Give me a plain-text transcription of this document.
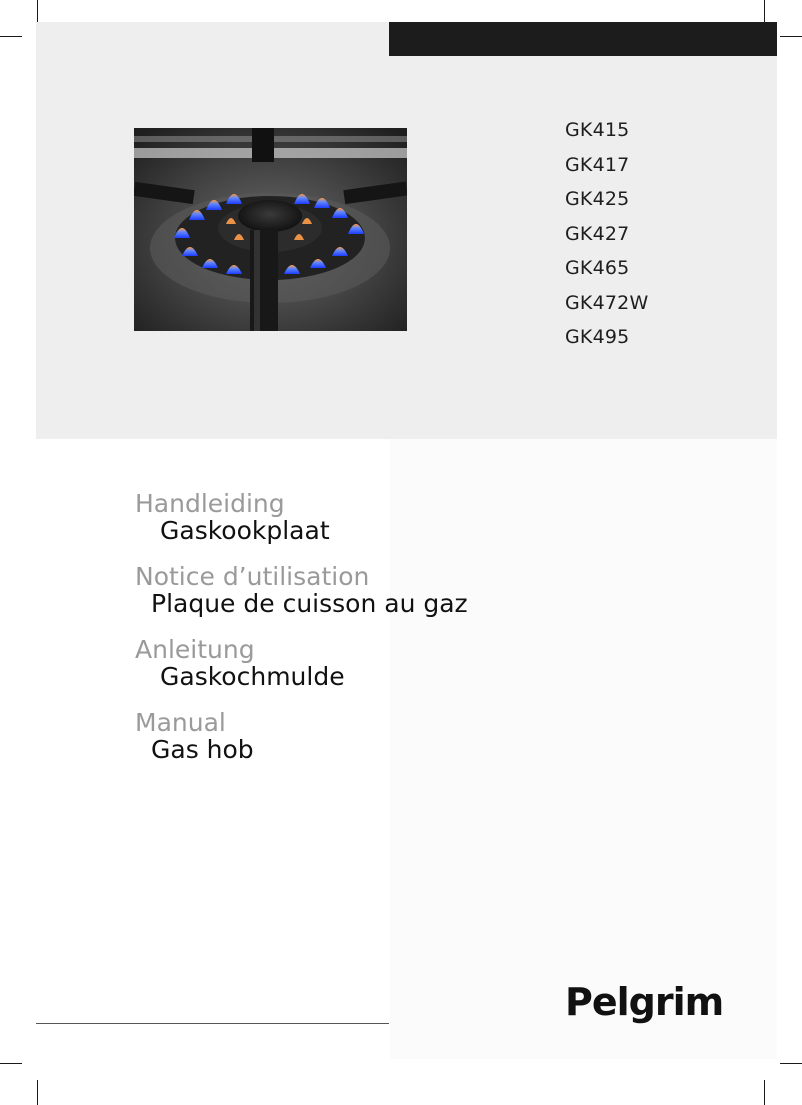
GK415
GK417
GK425
GK427
GK465
GK472W
GK495
Handleiding
Gaskookplaat
Notice d’utilisation
Plaque de cuisson au gaz
Anleitung
Gaskochmulde
Manual
Gas hob
Pelgrim
